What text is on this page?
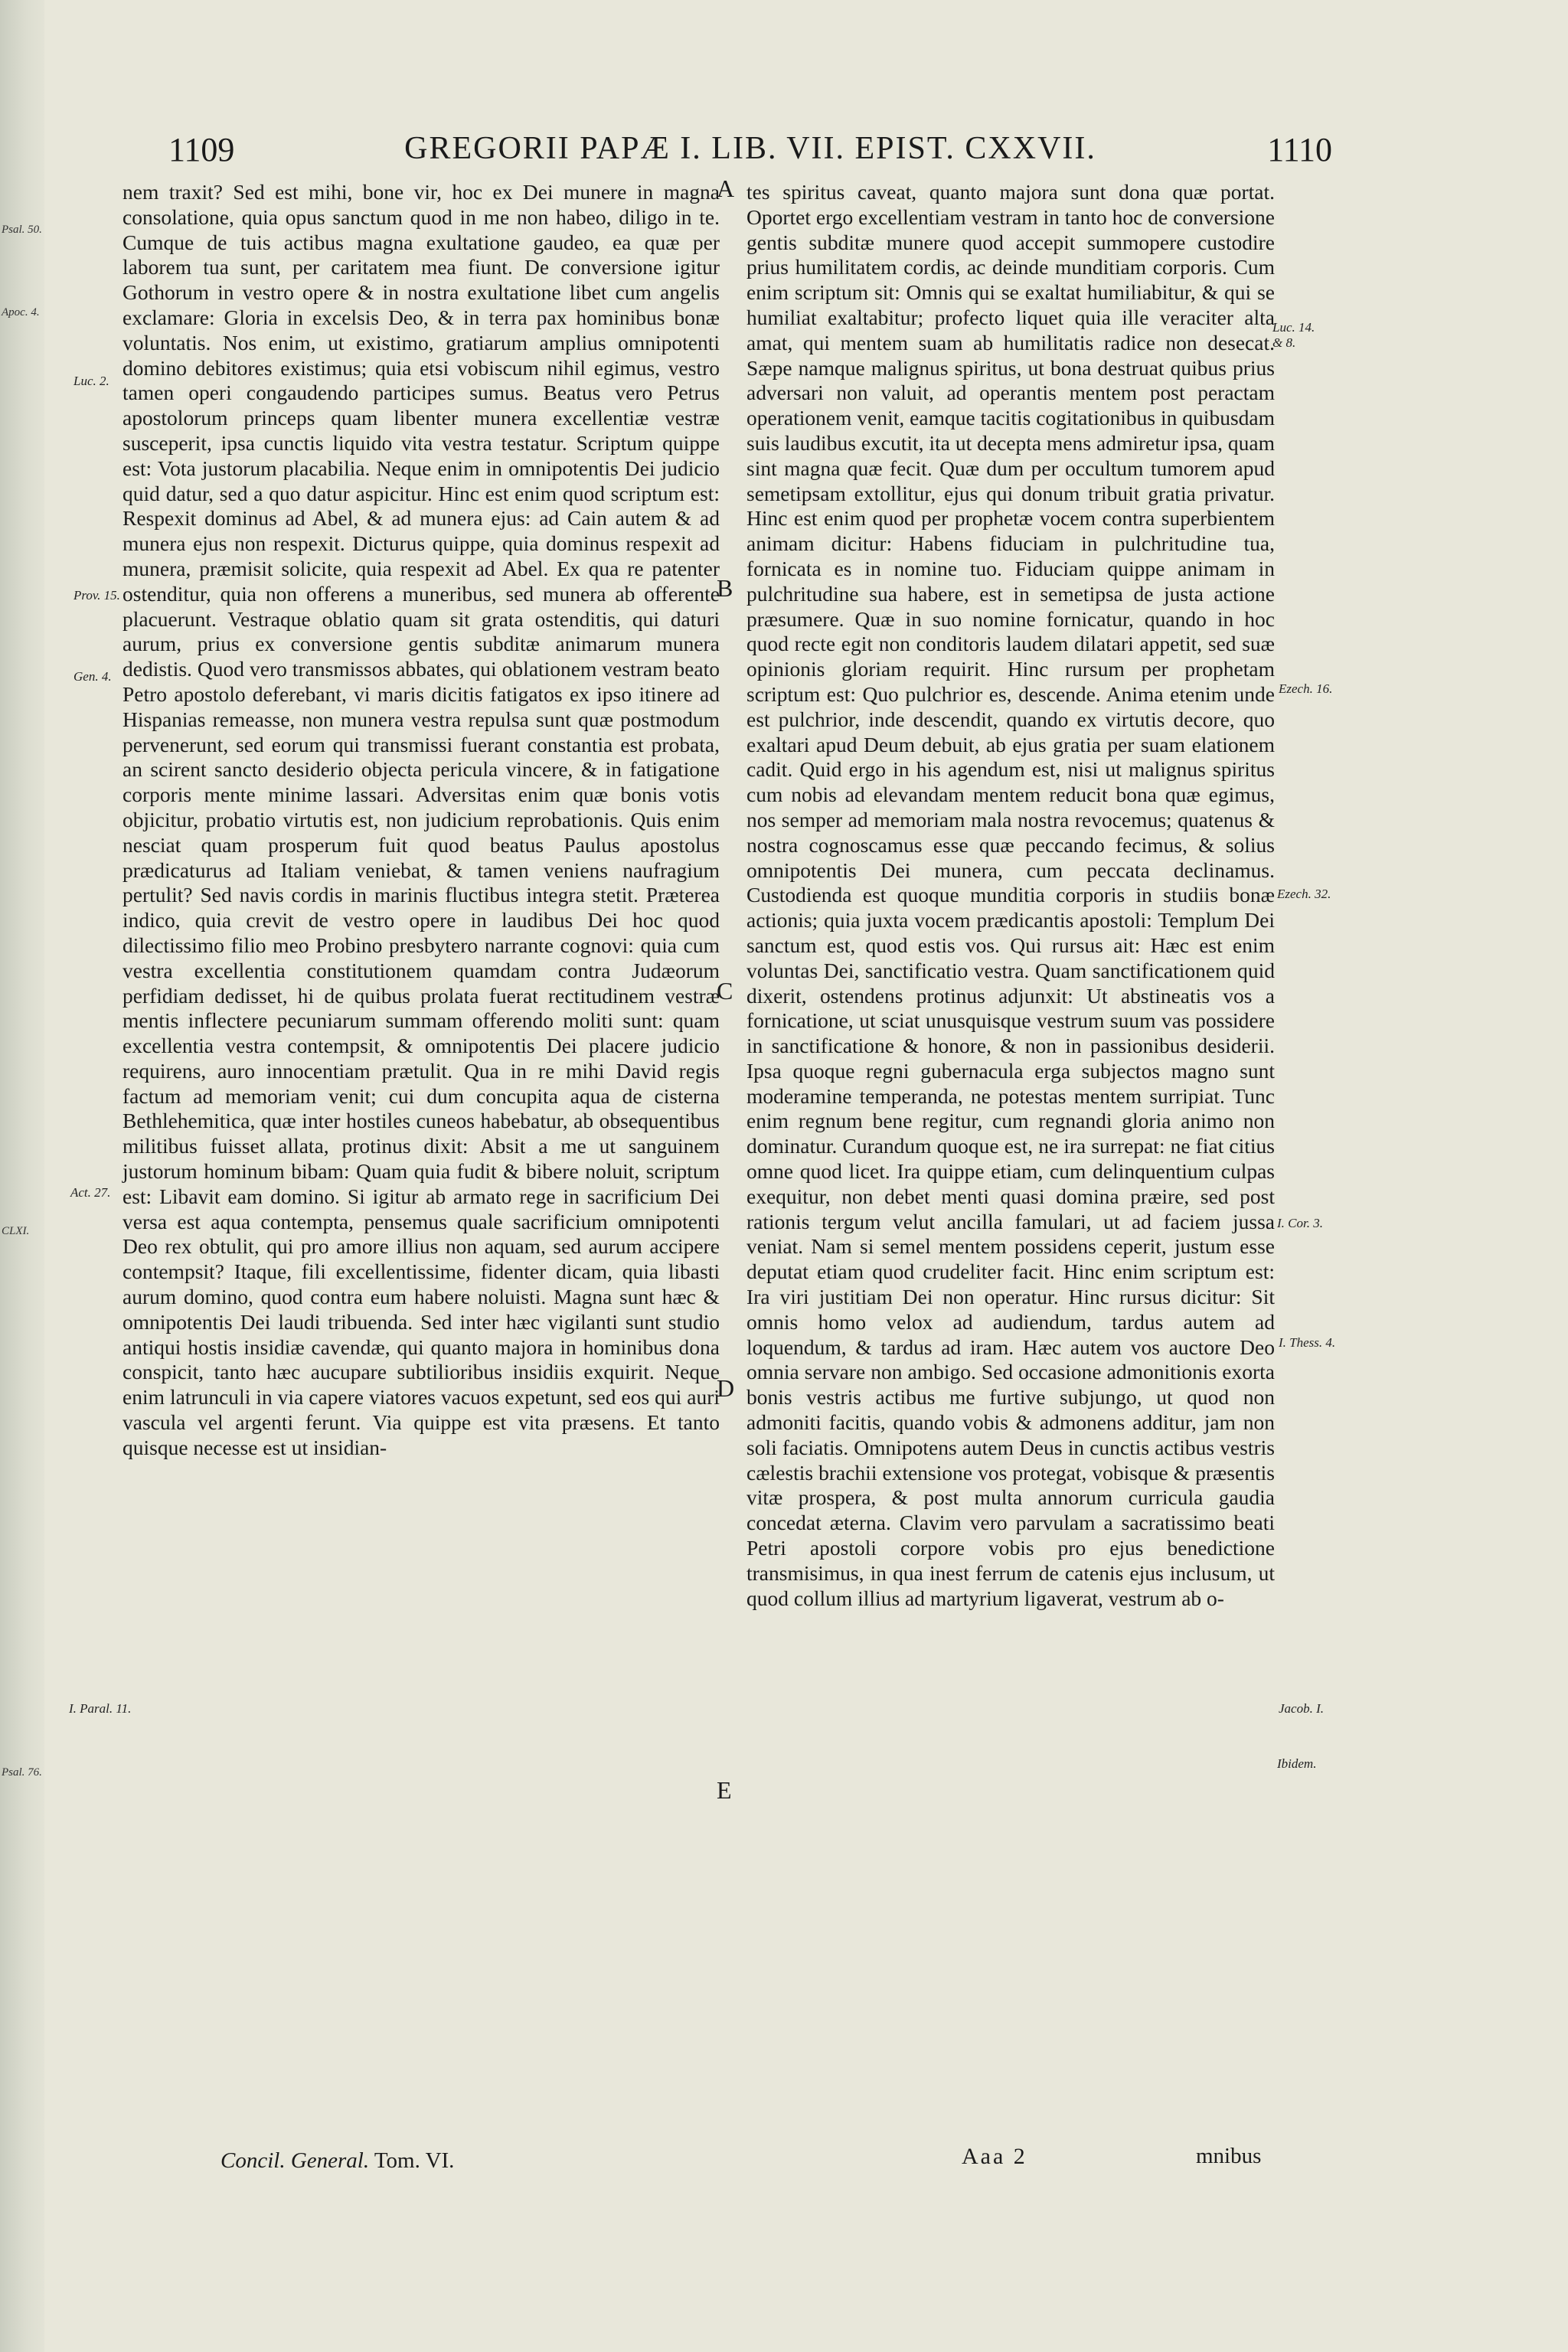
Psal. 50.
Apoc. 4.
CLXI.
Psal. 76.
1109	GREGORII PAPÆ I. LIB. VII. EPIST. CXXVII.	1110

nem traxit? Sed est mihi, bone vir, hoc ex Dei munere in magna consolatione, quia opus sanctum quod in me non habeo, diligo in te. Cumque de tuis actibus magna exultatione gaudeo, ea quæ per laborem tua sunt, per caritatem mea fiunt. De conversione igitur Gothorum in vestro opere & in nostra exultatione libet cum angelis exclamare: Gloria in excelsis Deo, & in terra pax hominibus bonæ voluntatis. Nos enim, ut existimo, gratiarum amplius omnipotenti domino debitores existimus; quia etsi vobiscum nihil egimus, vestro tamen operi congaudendo participes sumus. Beatus vero Petrus apostolorum princeps quam libenter munera excellentiæ vestræ susceperit, ipsa cunctis liquido vita vestra testatur. Scriptum quippe est: Vota justorum placabilia. Neque enim in omnipotentis Dei judicio quid datur, sed a quo datur aspicitur. Hinc est enim quod scriptum est: Respexit dominus ad Abel, & ad munera ejus: ad Cain autem & ad munera ejus non respexit. Dicturus quippe, quia dominus respexit ad munera, præmisit solicite, quia respexit ad Abel. Ex qua re patenter ostenditur, quia non offerens a muneribus, sed munera ab offerente placuerunt. Vestraque oblatio quam sit grata ostenditis, qui daturi aurum, prius ex conversione gentis subditæ animarum munera dedistis. Quod vero transmissos abbates, qui oblationem vestram beato Petro apostolo deferebant, vi maris dicitis fatigatos ex ipso itinere ad Hispanias remeasse, non munera vestra repulsa sunt quæ postmodum pervenerunt, sed eorum qui transmissi fuerant constantia est probata, an scirent sancto desiderio objecta pericula vincere, & in fatigatione corporis mente minime lassari. Adversitas enim quæ bonis votis objicitur, probatio virtutis est, non judicium reprobationis. Quis enim nesciat quam prosperum fuit quod beatus Paulus apostolus prædicaturus ad Italiam veniebat, & tamen veniens naufragium pertulit? Sed navis cordis in marinis fluctibus integra stetit. Præterea indico, quia crevit de vestro opere in laudibus Dei hoc quod dilectissimo filio meo Probino presbytero narrante cognovi: quia cum vestra excellentia constitutionem quamdam contra Judæorum perfidiam dedisset, hi de quibus prolata fuerat rectitudinem vestræ mentis inflectere pecuniarum summam offerendo moliti sunt: quam excellentia vestra contempsit, & omnipotentis Dei placere judicio requirens, auro innocentiam prætulit. Qua in re mihi David regis factum ad memoriam venit; cui dum concupita aqua de cisterna Bethlehemitica, quæ inter hostiles cuneos habebatur, ab obsequentibus militibus fuisset allata, protinus dixit: Absit a me ut sanguinem justorum hominum bibam: Quam quia fudit & bibere noluit, scriptum est: Libavit eam domino. Si igitur ab armato rege in sacrificium Dei versa est aqua contempta, pensemus quale sacrificium omnipotenti Deo rex obtulit, qui pro amore illius non aquam, sed aurum accipere contempsit? Itaque, fili excellentissime, fidenter dicam, quia libasti aurum domino, quod contra eum habere noluisti. Magna sunt hæc & omnipotentis Dei laudi tribuenda. Sed inter hæc vigilanti sunt studio antiqui hostis insidiæ cavendæ, qui quanto majora in hominibus dona conspicit, tanto hæc aucupare subtilioribus insidiis exquirit. Neque enim latrunculi in via capere viatores vacuos expetunt, sed eos qui auri vascula vel argenti ferunt. Via quippe est vita præsens. Et tanto quisque necesse est ut insidian-

tes spiritus caveat, quanto majora sunt dona quæ portat. Oportet ergo excellentiam vestram in tanto hoc de conversione gentis subditæ munere quod accepit summopere custodire prius humilitatem cordis, ac deinde munditiam corporis. Cum enim scriptum sit: Omnis qui se exaltat humiliabitur, & qui se humiliat exaltabitur; profecto liquet quia ille veraciter alta amat, qui mentem suam ab humilitatis radice non desecat. Sæpe namque malignus spiritus, ut bona destruat quibus prius adversari non valuit, ad operantis mentem post peractam operationem venit, eamque tacitis cogitationibus in quibusdam suis laudibus excutit, ita ut decepta mens admiretur ipsa, quam sint magna quæ fecit. Quæ dum per occultum tumorem apud semetipsam extollitur, ejus qui donum tribuit gratia privatur. Hinc est enim quod per prophetæ vocem contra superbientem animam dicitur: Habens fiduciam in pulchritudine tua, fornicata es in nomine tuo. Fiduciam quippe animam in pulchritudine sua habere, est in semetipsa de justa actione præsumere. Quæ in suo nomine fornicatur, quando in hoc quod recte egit non conditoris laudem dilatari appetit, sed suæ opinionis gloriam requirit. Hinc rursum per prophetam scriptum est: Quo pulchrior es, descende. Anima etenim unde est pulchrior, inde descendit, quando ex virtutis decore, quo exaltari apud Deum debuit, ab ejus gratia per suam elationem cadit. Quid ergo in his agendum est, nisi ut malignus spiritus cum nobis ad elevandam mentem reducit bona quæ egimus, nos semper ad memoriam mala nostra revocemus; quatenus & nostra cognoscamus esse quæ peccando fecimus, & solius omnipotentis Dei munera, cum peccata declinamus. Custodienda est quoque munditia corporis in studiis bonæ actionis; quia juxta vocem prædicantis apostoli: Templum Dei sanctum est, quod estis vos. Qui rursus ait: Hæc est enim voluntas Dei, sanctificatio vestra. Quam sanctificationem quid dixerit, ostendens protinus adjunxit: Ut abstineatis vos a fornicatione, ut sciat unusquisque vestrum suum vas possidere in sanctificatione & honore, & non in passionibus desiderii. Ipsa quoque regni gubernacula erga subjectos magno sunt moderamine temperanda, ne potestas mentem surripiat. Tunc enim regnum bene regitur, cum regnandi gloria animo non dominatur. Curandum quoque est, ne ira surrepat: ne fiat citius omne quod licet. Ira quippe etiam, cum delinquentium culpas exequitur, non debet menti quasi domina præire, sed post rationis tergum velut ancilla famulari, ut ad faciem jussa veniat. Nam si semel mentem possidens ceperit, justum esse deputat etiam quod crudeliter facit. Hinc enim scriptum est: Ira viri justitiam Dei non operatur. Hinc rursus dicitur: Sit omnis homo velox ad audiendum, tardus autem ad loquendum, & tardus ad iram. Hæc autem vos auctore Deo omnia servare non ambigo. Sed occasione admonitionis exorta bonis vestris actibus me furtive subjungo, ut quod non admoniti facitis, quando vobis & admonens additur, jam non soli faciatis. Omnipotens autem Deus in cunctis actibus vestris cælestis brachii extensione vos protegat, vobisque & præsentis vitæ prospera, & post multa annorum curricula gaudia concedat æterna. Clavim vero parvulam a sacratissimo beati Petri apostoli corpore vobis pro ejus benedictione transmisimus, in qua inest ferrum de catenis ejus inclusum, ut quod collum illius ad martyrium ligaverat, vestrum ab o-

A
B
C
D
E
Luc. 2.
Prov. 15.
Gen. 4.
Act. 27.
I. Paral. 11.
Luc. 14. & 8.
Ezech. 16.
Ezech. 32.
I. Cor. 3.
I. Thess. 4.
Jacob. I.
Ibidem.
Concil. General. Tom. VI.	Aaa 2	mnibus
